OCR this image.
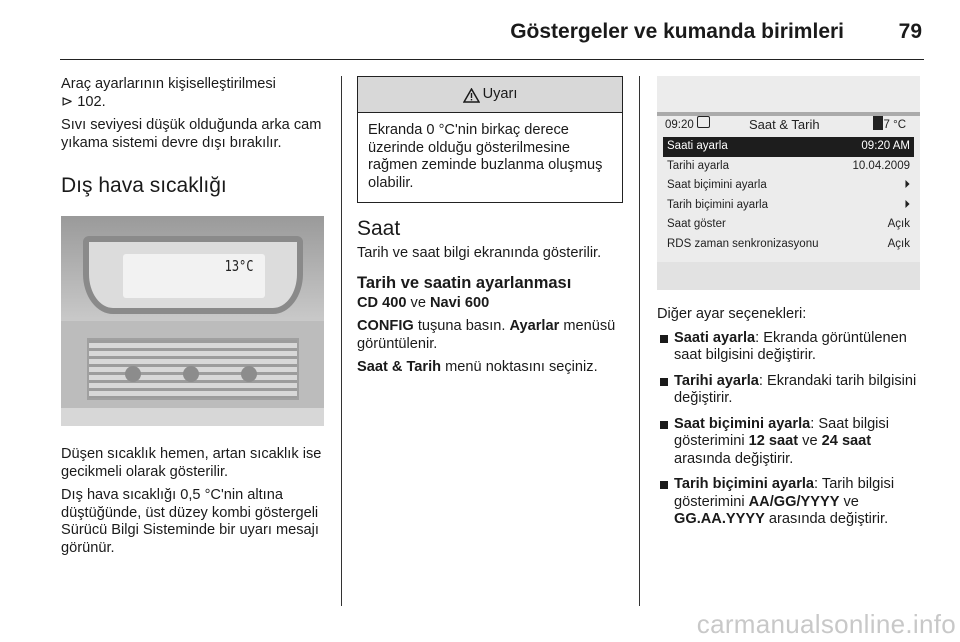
Göstergeler ve kumanda birimleri	79

Araç ayarlarının kişiselleştirilmesi
⊳ 102.

Sıvı seviyesi düşük olduğunda arka cam yıkama sistemi devre dışı bırakılır.

Dış hava sıcaklığı
13°C

Düşen sıcaklık hemen, artan sıcaklık ise gecikmeli olarak gösterilir.

Dış hava sıcaklığı 0,5 °C'nin altına düştüğünde, üst düzey kombi göstergeli Sürücü Bilgi Sisteminde bir uyarı mesajı görünür.

Uyarı
Ekranda 0 °C'nin birkaç derece üzerinde olduğu gösterilmesine rağmen zeminde buzlanma oluşmuş olabilir.
Saat

Tarih ve saat bilgi ekranında gösterilir.

Tarih ve saatin ayarlanması

CD 400 ve Navi 600

CONFIG tuşuna basın. Ayarlar menüsü görüntülenir.

Saat & Tarih menü noktasını seçiniz.

09:20	Saat & Tarih	17 °C
Saati ayarla	09:20 AM
Tarihi ayarla	10.04.2009
Saat biçimini ayarla	⏵
Tarih biçimini ayarla	⏵
Saat göster	Açık
RDS zaman senkronizasyonu	Açık

Diğer ayar seçenekleri:

Saati ayarla: Ekranda görüntülenen saat bilgisini değiştirir.
Tarihi ayarla: Ekrandaki tarih bilgisini değiştirir.
Saat biçimini ayarla: Saat bilgisi gösterimini 12 saat ve 24 saat arasında değiştirir.
Tarih biçimini ayarla: Tarih bilgisi gösterimini AA/GG/YYYY ve GG.AA.YYYY arasında değiştirir.
carmanualsonline.info
